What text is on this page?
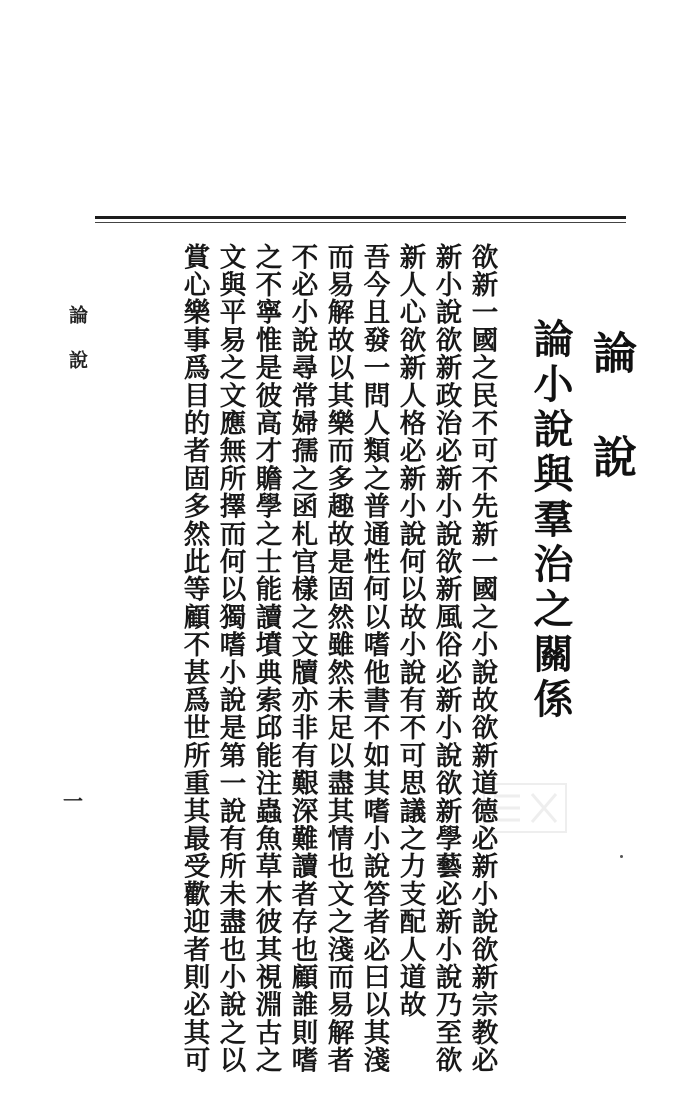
論說
論小說與羣治之關係
欲新一國之民不可不先新一國之小說故欲新道德必新小說欲新宗教必
新小說欲新政治必新小說欲新風俗必新小說欲新學藝必新小說乃至欲
新人心欲新人格必新小說何以故小說有不可思議之力支配人道故
吾今且發一問人類之普通性何以嗜他書不如其嗜小說答者必曰以其淺
而易解故以其樂而多趣故是固然雖然未足以盡其情也文之淺而易解者
不必小說尋常婦孺之函札官樣之文牘亦非有艱深難讀者存也顧誰則嗜
之不寧惟是彼高才贍學之士能讀墳典索邱能注蟲魚草木彼其視淵古之
文與平易之文應無所擇而何以獨嗜小說是第一說有所未盡也小說之以
賞心樂事爲目的者固多然此等顧不甚爲世所重其最受歡迎者則必其可
論說
一
